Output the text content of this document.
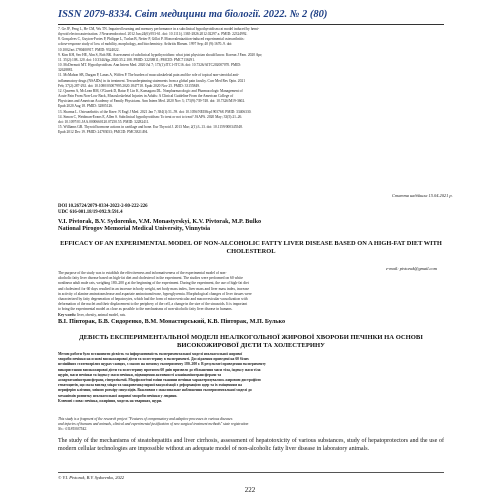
ISSN 2079-8334. Світ медицини та біології. 2022. № 2 (80)
7. Ge JF, Peng L, He CM, Wu TN. Impaired learning and memory performance in a subclinical hypothyroidism rat model induced by hemi-
thyroid electrocauterisation. J Neuroendocrinol. 2012 Jun;24(6):953-61. doi: 10.1111/j.1365-2826.2012.02297.x. PMID: 22324992.
8. Gonçalves C, Guyton-Fortes P, Philippe L, Turlan B, Neiter P, Gillot P. Monovalentazition-induced experimental osteoarthritis:
a dose-response study of loss of mobility, morphology, and biochemistry. Arthritis Rheum. 1997 Sep; 40 (9):1670–9. doi:
10.1002/art.1780400917. PMID: 9324022.
9. Kim KH, Seo HE, Ahn S, Boh BK. Assessment of subclinical hypothyroidism: what joint physician should know. Korean J Fam. 2020 Apr;
11. 35(2):108–120. doi: 10.3344/kjp.2020.35.2.108. PMID: 32238811; PMCID: PMC7136291.
10. McDermott MT. Hypothyroidism. Ann Intern Med. 2020 Jul 7; 173(1):ITC1-ITC16. doi: 10.7326/AITC202007070. PMID:
32628881.
11. McMahon SB, Dargan P, Lanas A, Wiffen P. The burden of musculoskeletal pain and the role of topical non-steroidal anti-
inflammatory drugs (NSAIDs) in its treatment. Ten underpinning statements from a global pain faculty. Curr Med Res Opin. 2021
Feb; 37(2):287-292. doi: 10.1080/03007995.2020.1847718. Epub 2020 Nov 25. PMID: 33155849.
12. Qaseem A, McLean RM, O'Gurek D, Batur P, Lin K, Kansagara DL. Nonpharmacologic and Pharmacologic Management of
Acute Pain From Non-Low Back, Musculoskeletal Injuries in Adults: A Clinical Guideline From the American College of
Physicians and American Academy of Family Physicians. Ann Intern Med. 2020 Nov 3; 173(9):739-748. doi: 10.7326/M19-3602.
Epub 2020 Aug 18. PMID: 32805126.
13. Sharma L. Osteoarthritis of the Knee. N Engl J Med. 2021 Jan 7; 384(1):51–59. doi: 10.1056/NEJMcp1903768. PMID: 33406330.
14. Simon C, Weidman-Evans E, Allen S. Subclinical hypothyroidism: To treat or not to treat? JAAPA. 2020 May; 33(5):21–26.
doi: 10.1097/01.JAA.0000660120.07250.55. PMID: 32282411.
15. Williams GR. Thyroid hormone actions in cartilage and bone. Eur Thyroid J. 2013 Mar; 2(1):3–13. doi: 10.1159/000345548.
Epub 2012 Dec 19. PMID: 24783033; PMCID: PMC3821494.
Стаття надійшла 15.04.2021 р.
DOI 10.26724/2079-8334-2022-2-80-222-226
UDC 616-001.18/19-092.9:591.4
V.I. Pivtorak, B.V. Sydorenko, V.M. Monastyrskyi, K.V. Pivtorak, M.P. Bulko
National Pirogov Memorial Medical University, Vinnytsia
EFFICACY OF AN EXPERIMENTAL MODEL OF NON-ALCOHOLIC FATTY LIVER DISEASE BASED ON A HIGH-FAT DIET WITH CHOLESTEROL
e-mail: pivtorak@gmail.com
The purpose of the study was to establish the effectiveness and informativeness of the experimental model of non-
alcoholic fatty liver disease based on high-fat diet and cholesterol in the experiment. The studies were performed on 60 white
nonlinear adult male rats, weighing 180–200 g at the beginning of the experiment. During the experiment, the use of high-fat diet
and cholesterol for 60 days resulted in an increase in body weight, net body mass index, liver mass and liver mass index, increase
in activity of alanine aminotransferase and aspartate aminotransferase, hyperglycemia. Morphological changes of liver tissues were
characterized by fatty degeneration of hepatocytes, which had the form of microvesicular and macrovesicular vacuolization with
deformation of the nuclei and their displacement to the periphery of the cell, a change in the size of the sinusoids. It is important
to bring the experimental model as close as possible to the mechanisms of non-alcoholic fatty liver disease in humans.
Key words: liver, obesity, animal model, rats.
В.І. Півторак, Б.В. Сидоренко, В.М. Монастирський, К.В. Півторак, М.П. Булько
ДЕВІСТЬ ЕКСПЕРИМЕНТАЛЬНОЇ МОДЕЛІ НЕАЛКОГОЛЬНОЇ ЖИРОВОЇ ХВОРОБИ ПЕЧІНКИ НА ОСНОВІ ВИСОКОЖИРОВОЇ ДІЄТИ ТА ХОЛЕСТЕРИНУ
Метою роботи було встановити дієвість та інформативність експериментальної моделі неалкогольної жирової
хвороби печінки на основі високожирової дієти та холестерину в експерименті. Дослідження проведені на 60 білих
нелінійних статевозрілих щурах-самцях, з масою на початку експерименту 180–200 г. В результаті проведення експерименту
використання високожирової дієти та холестерину протягом 60 днів призвело до збільшення маси тіла, індексу маси тіла
щурів, маси печінки та індексу маси печінки, підвищення активності аланінамінотрансферази та
аспартатамінотрансферази, гіперглікемії. Морфологічні зміни тканини печінки характеризувались жировою дистрофією
гепатоцитів, що мала вигляд мікро та макровезикулярної вакуолізації з деформацією ядер та їх зміщенням на
периферію клітини, зміною розміру синусоїдів. Важливим є максимальне наближення експериментальної моделі до
механізмів розвитку неалкогольної жирової хвороби печінки у людини.
Ключові слова: печінка, ожиріння, модель на тваринах, щури.
This study is a fragment of the research project "Features of compensatory and adaptive processes in various diseases
and injuries of humans and animals, clinical and experimental justification of new surgical treatment methods" state registration
No.: 0118U007542.
The study of the mechanisms of steatohepatitis and liver cirrhosis, assessment of hepatotoxicity of various substances, study of hepatoprotectors and the use of modern cellular technologies are impossible without an adequate model of non-alcoholic fatty liver disease in laboratory animals.
© V.I. Pivtorak, B.V. Sydorenko, 2022
222
